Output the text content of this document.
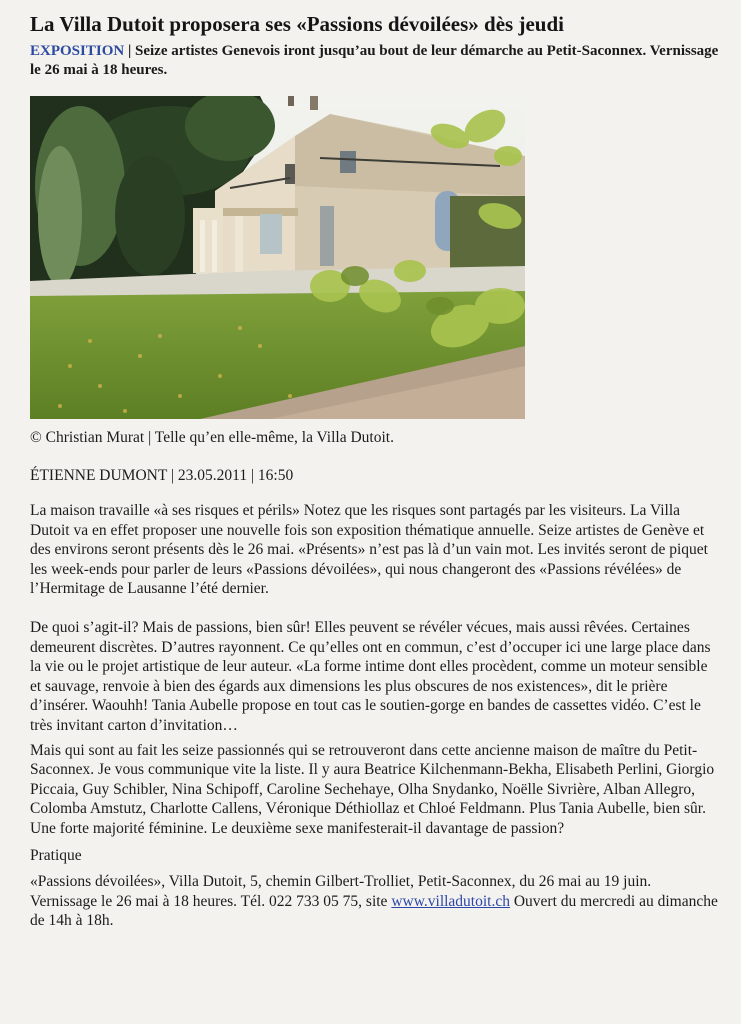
La Villa Dutoit proposera ses «Passions dévoilées» dès jeudi

EXPOSITION | Seize artistes Genevois iront jusqu’au bout de leur démarche au Petit-Saconnex. Vernissage le 26 mai à 18 heures.

© Christian Murat | Telle qu’en elle-même, la Villa Dutoit.
ÉTIENNE DUMONT | 23.05.2011 | 16:50

La maison travaille «à ses risques et périls» Notez que les risques sont partagés par les visiteurs. La Villa Dutoit va en effet proposer une nouvelle fois son exposition thématique annuelle. Seize artistes de Genève et des environs seront présents dès le 26 mai. «Présents» n’est pas là d’un vain mot. Les invités seront de piquet les week-ends pour parler de leurs «Passions dévoilées», qui nous changeront des «Passions révélées» de l’Hermitage de Lausanne l’été dernier.

De quoi s’agit-il? Mais de passions, bien sûr! Elles peuvent se révéler vécues, mais aussi rêvées. Certaines demeurent discrètes. D’autres rayonnent. Ce qu’elles ont en commun, c’est d’occuper ici une large place dans la vie ou le projet artistique de leur auteur. «La forme intime dont elles procèdent, comme un moteur sensible et sauvage, renvoie à bien des égards aux dimensions les plus obscures de nos existences», dit le prière d’insérer. Waouhh! Tania Aubelle propose en tout cas le soutien-gorge en bandes de cassettes vidéo. C’est le très invitant carton d’invitation…

Mais qui sont au fait les seize passionnés qui se retrouveront dans cette ancienne maison de maître du Petit-Saconnex. Je vous communique vite la liste. Il y aura Beatrice Kilchenmann-Bekha, Elisabeth Perlini, Giorgio Piccaia, Guy Schibler, Nina Schipoff, Caroline Sechehaye, Olha Snydanko, Noëlle Sivrière, Alban Allegro, Colomba Amstutz, Charlotte Callens, Véronique Déthiollaz et Chloé Feldmann. Plus Tania Aubelle, bien sûr. Une forte majorité féminine. Le deuxième sexe manifesterait-il davantage de passion?

Pratique

«Passions dévoilées», Villa Dutoit, 5, chemin Gilbert-Trolliet, Petit-Saconnex, du 26 mai au 19 juin. Vernissage le 26 mai à 18 heures. Tél. 022 733 05 75, site www.villadutoit.ch Ouvert du mercredi au dimanche de 14h à 18h.
